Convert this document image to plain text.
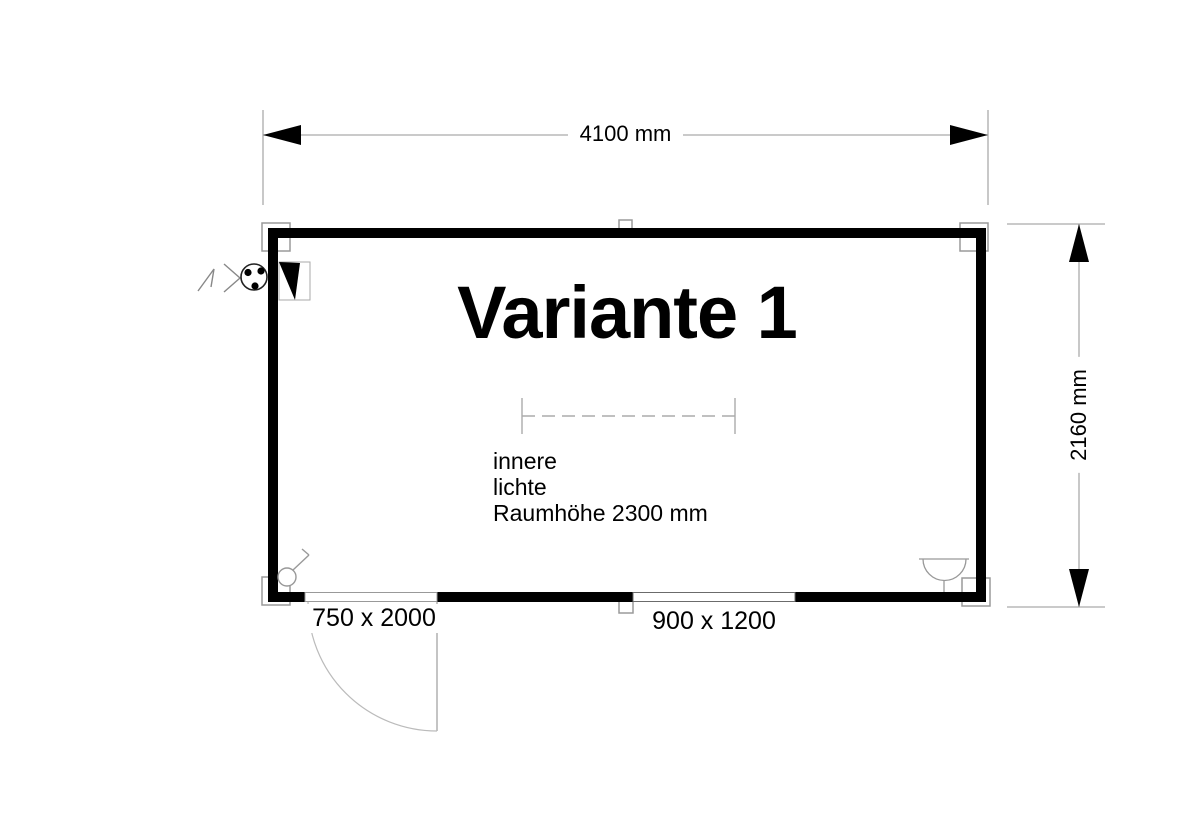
4100 mm
2160 mm
Variante 1
innere
lichte
Raumhöhe 2300 mm
750 x 2000	900 x 1200
